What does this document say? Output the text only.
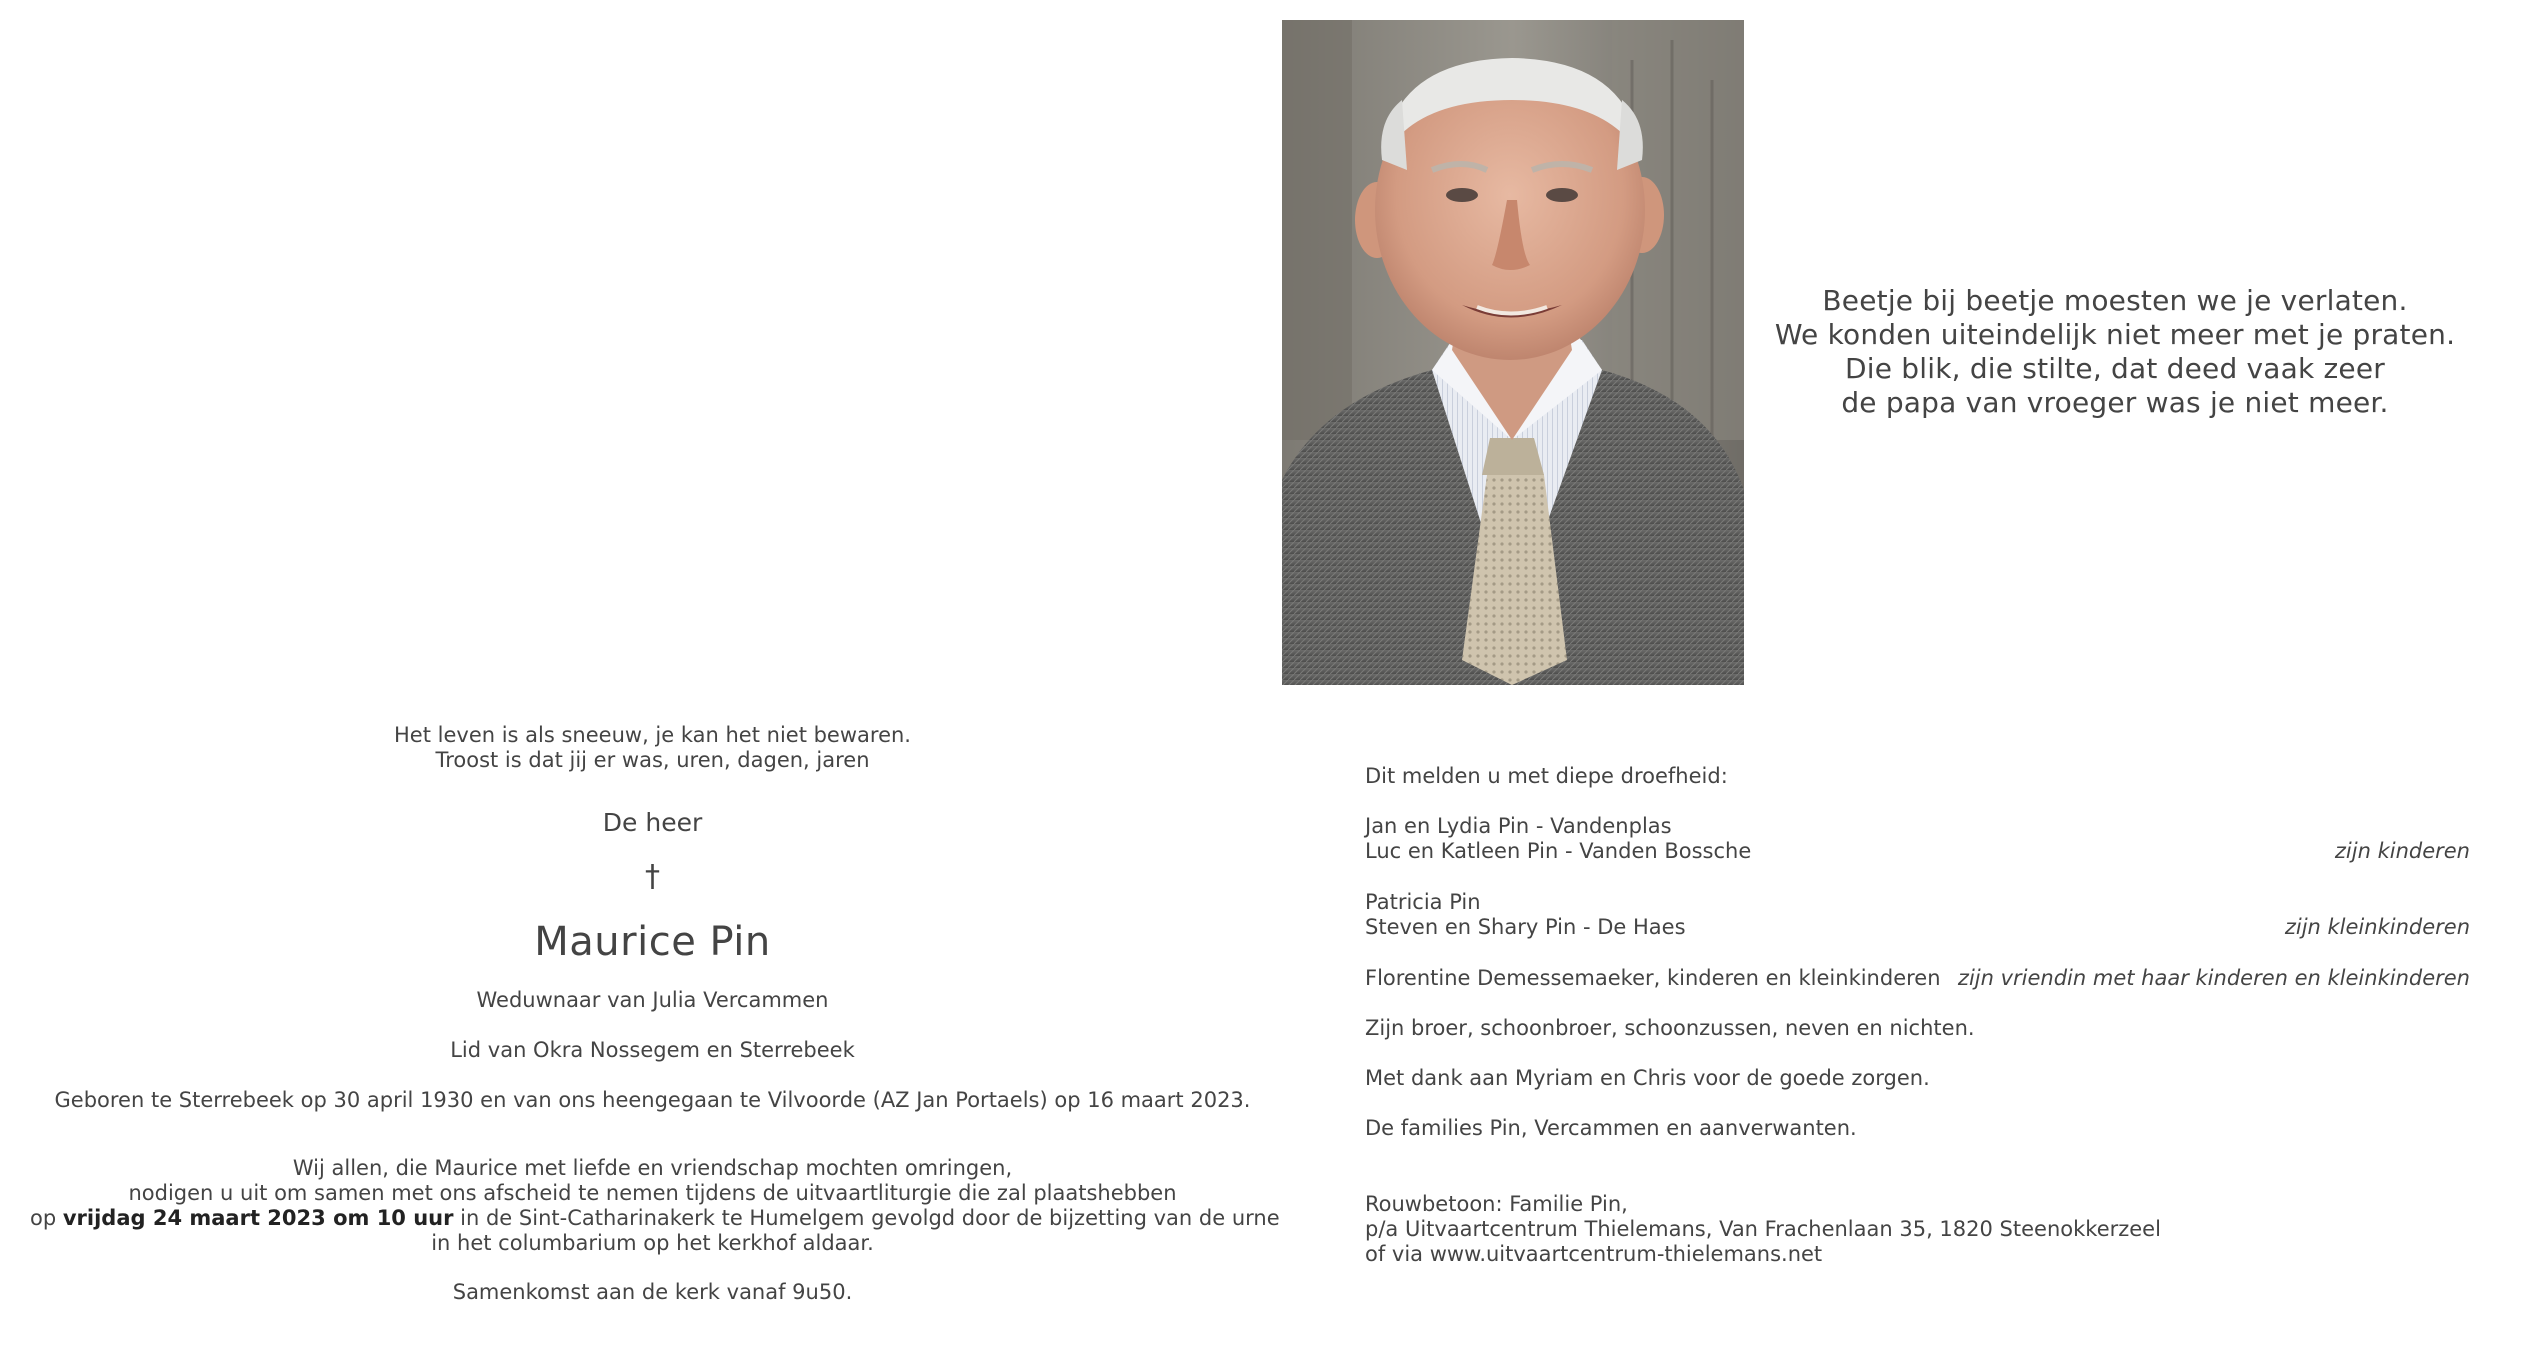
Beetje bij beetje moesten we je verlaten.
We konden uiteindelijk niet meer met je praten.
Die blik, die stilte, dat deed vaak zeer
de papa van vroeger was je niet meer.
Het leven is als sneeuw, je kan het niet bewaren.
Troost is dat jij er was, uren, dagen, jaren
De heer
†
Maurice Pin
Weduwnaar van Julia Vercammen
Lid van Okra Nossegem en Sterrebeek
Geboren te Sterrebeek op 30 april 1930 en van ons heengegaan te Vilvoorde (AZ Jan Portaels) op 16 maart 2023.
Wij allen, die Maurice met liefde en vriendschap mochten omringen,
nodigen u uit om samen met ons afscheid te nemen tijdens de uitvaartliturgie die zal plaatshebben
op vrijdag 24 maart 2023 om 10 uur in de Sint-Catharinakerk te Humelgem gevolgd door de bijzetting van de urne
in het columbarium op het kerkhof aldaar.
Samenkomst aan de kerk vanaf 9u50.
Dit melden u met diepe droefheid:
Jan en Lydia Pin - Vandenplas
Luc en Katleen Pin - Vanden Bossche	zijn kinderen
Patricia Pin
Steven en Shary Pin - De Haes	zijn kleinkinderen
Florentine Demessemaeker, kinderen en kleinkinderen zijn vriendin met haar kinderen en kleinkinderen
Zijn broer, schoonbroer, schoonzussen, neven en nichten.
Met dank aan Myriam en Chris voor de goede zorgen.
De families Pin, Vercammen en aanverwanten.
Rouwbetoon: Familie Pin,
p/a Uitvaartcentrum Thielemans, Van Frachenlaan 35, 1820 Steenokkerzeel
of via www.uitvaartcentrum-thielemans.net
